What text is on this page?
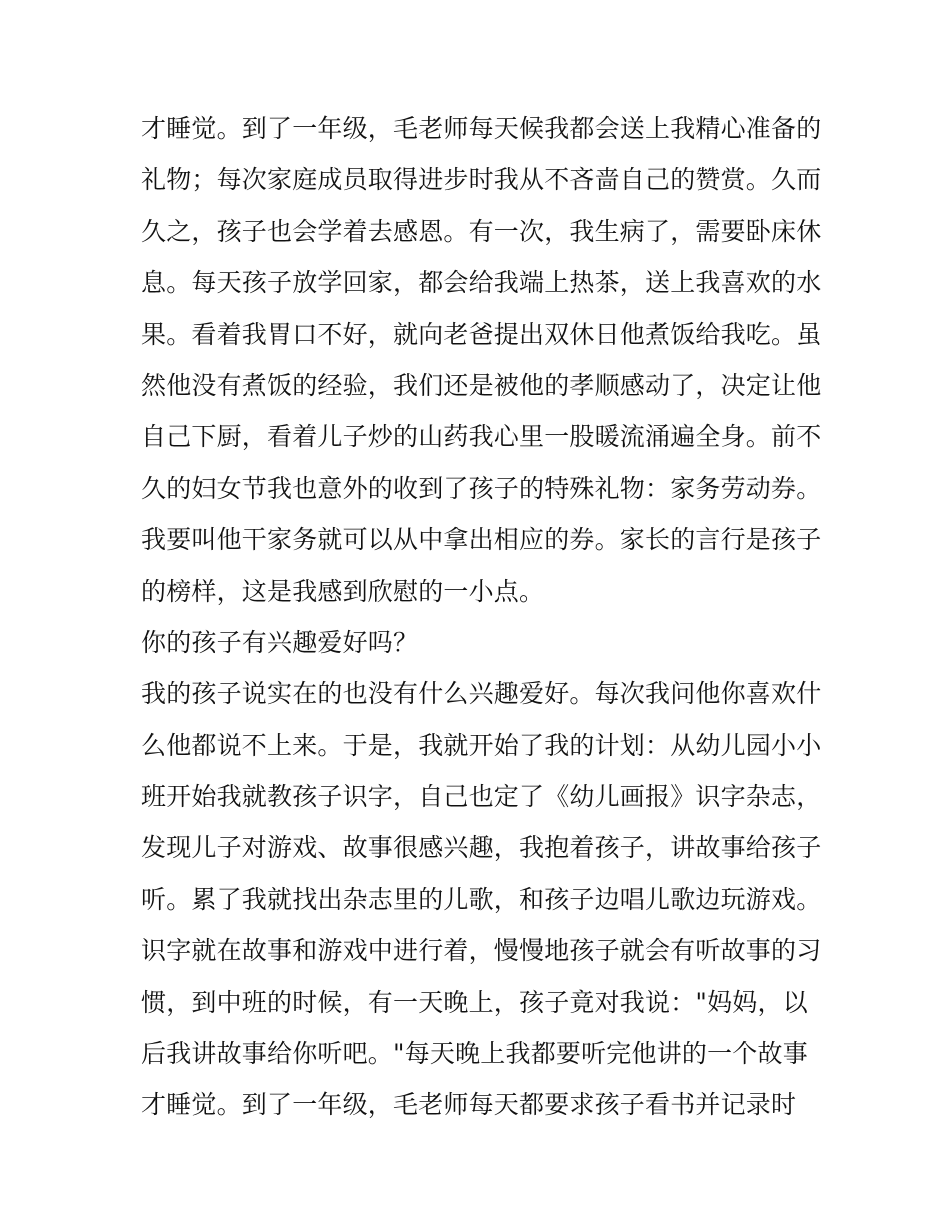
才睡觉。到了一年级，毛老师每天候我都会送上我精心准备的
礼物；每次家庭成员取得进步时我从不吝啬自己的赞赏。久而
久之，孩子也会学着去感恩。有一次，我生病了，需要卧床休
息。每天孩子放学回家，都会给我端上热茶，送上我喜欢的水
果。看着我胃口不好，就向老爸提出双休日他煮饭给我吃。虽
然他没有煮饭的经验，我们还是被他的孝顺感动了，决定让他
自己下厨，看着儿子炒的山药我心里一股暖流涌遍全身。前不
久的妇女节我也意外的收到了孩子的特殊礼物：家务劳动券。
我要叫他干家务就可以从中拿出相应的券。家长的言行是孩子
的榜样，这是我感到欣慰的一小点。
你的孩子有兴趣爱好吗？
我的孩子说实在的也没有什么兴趣爱好。每次我问他你喜欢什
么他都说不上来。于是，我就开始了我的计划：从幼儿园小小
班开始我就教孩子识字，自己也定了《幼儿画报》识字杂志，
发现儿子对游戏、故事很感兴趣，我抱着孩子，讲故事给孩子
听。累了我就找出杂志里的儿歌，和孩子边唱儿歌边玩游戏。
识字就在故事和游戏中进行着，慢慢地孩子就会有听故事的习
惯，到中班的时候，有一天晚上，孩子竟对我说："妈妈，以
后我讲故事给你听吧。"每天晚上我都要听完他讲的一个故事
才睡觉。到了一年级，毛老师每天都要求孩子看书并记录时
